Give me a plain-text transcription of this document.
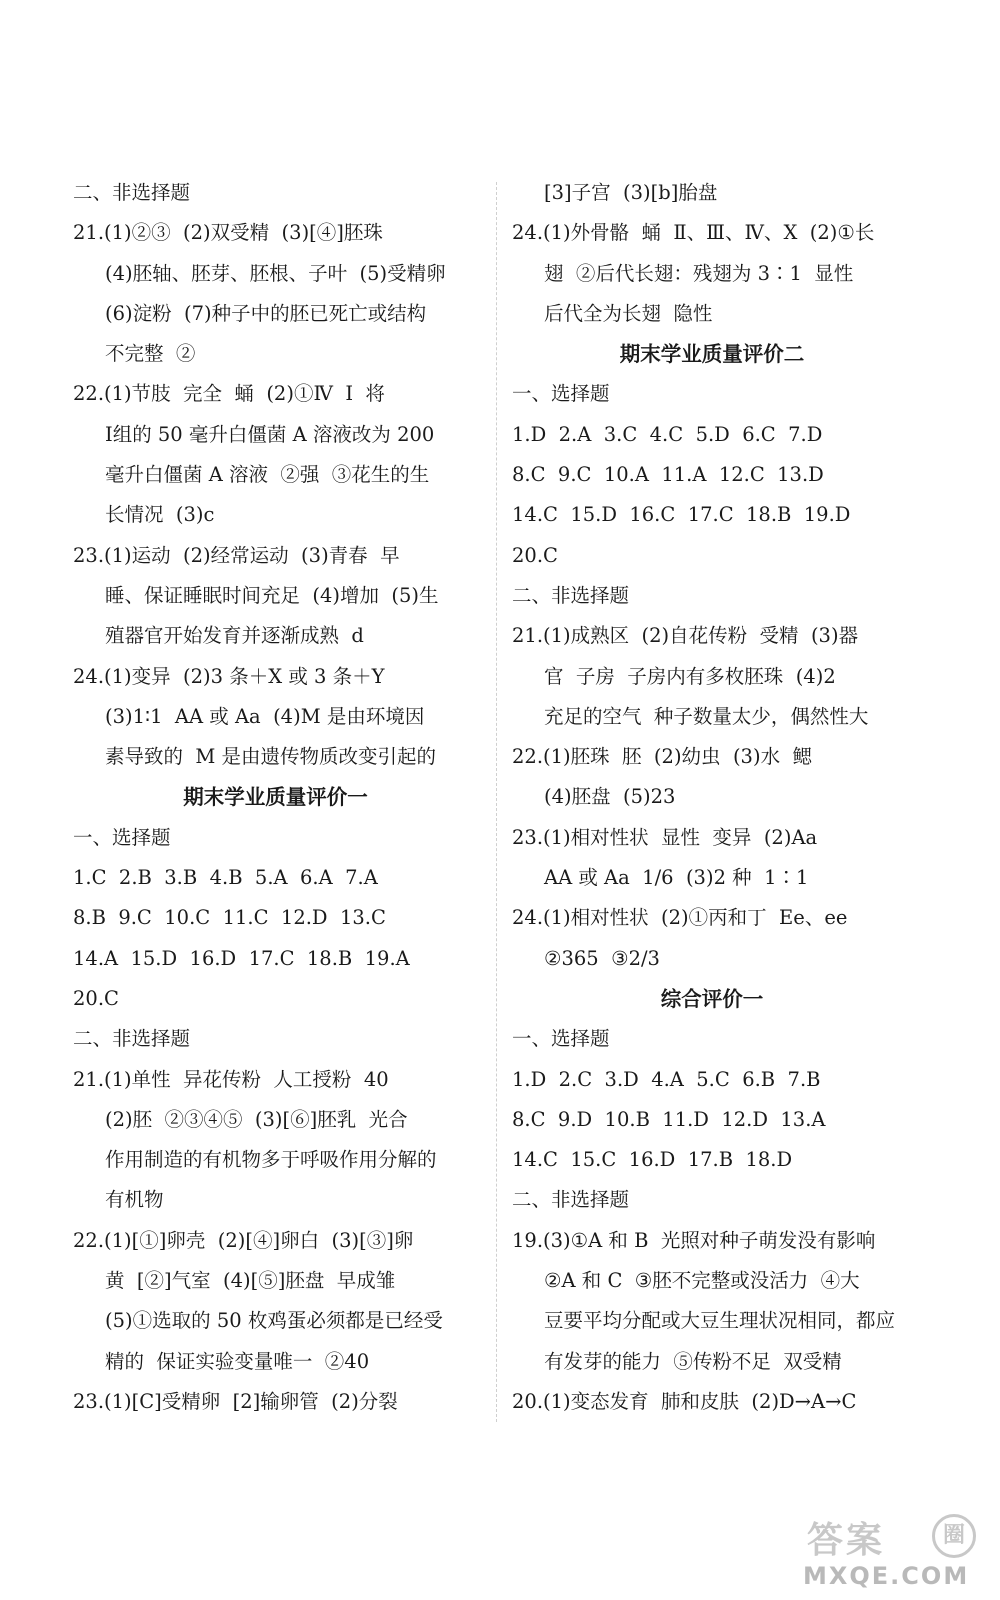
二、非选择题
21.(1)②③  (2)双受精  (3)[④]胚珠
(4)胚轴、胚芽、胚根、子叶  (5)受精卵
(6)淀粉  (7)种子中的胚已死亡或结构
不完整  ②
22.(1)节肢  完全  蛹  (2)①Ⅳ  Ⅰ  将
Ⅰ组的 50 毫升白僵菌 A 溶液改为 200
毫升白僵菌 A 溶液  ②强  ③花生的生
长情况  (3)c
23.(1)运动  (2)经常运动  (3)青春  早
睡、保证睡眠时间充足  (4)增加  (5)生
殖器官开始发育并逐渐成熟  d
24.(1)变异  (2)3 条＋X 或 3 条＋Y
(3)1∶1  AA 或 Aa  (4)M 是由环境因
素导致的  M 是由遗传物质改变引起的
期末学业质量评价一
一、选择题
1.C  2.B  3.B  4.B  5.A  6.A  7.A
8.B  9.C  10.C  11.C  12.D  13.C
14.A  15.D  16.D  17.C  18.B  19.A
20.C
二、非选择题
21.(1)单性  异花传粉  人工授粉  40
(2)胚  ②③④⑤  (3)[⑥]胚乳  光合
作用制造的有机物多于呼吸作用分解的
有机物
22.(1)[①]卵壳  (2)[④]卵白  (3)[③]卵
黄  [②]气室  (4)[⑤]胚盘  早成雏
(5)①选取的 50 枚鸡蛋必须都是已经受
精的  保证实验变量唯一  ②40
23.(1)[C]受精卵  [2]输卵管  (2)分裂
[3]子宫  (3)[b]胎盘
24.(1)外骨骼  蛹  Ⅱ、Ⅲ、Ⅳ、X  (2)①长
翅  ②后代长翅：残翅为 3∶1  显性
后代全为长翅  隐性
期末学业质量评价二
一、选择题
1.D  2.A  3.C  4.C  5.D  6.C  7.D
8.C  9.C  10.A  11.A  12.C  13.D
14.C  15.D  16.C  17.C  18.B  19.D
20.C
二、非选择题
21.(1)成熟区  (2)自花传粉  受精  (3)器
官  子房  子房内有多枚胚珠  (4)2
充足的空气  种子数量太少，偶然性大
22.(1)胚珠  胚  (2)幼虫  (3)水  鳃
(4)胚盘  (5)23
23.(1)相对性状  显性  变异  (2)Aa
AA 或 Aa  1/6  (3)2 种  1∶1
24.(1)相对性状  (2)①丙和丁  Ee、ee
②365  ③2/3
综合评价一
一、选择题
1.D  2.C  3.D  4.A  5.C  6.B  7.B
8.C  9.D  10.B  11.D  12.D  13.A
14.C  15.C  16.D  17.B  18.D
二、非选择题
19.(3)①A 和 B  光照对种子萌发没有影响
②A 和 C  ③胚不完整或没活力  ④大
豆要平均分配或大豆生理状况相同，都应
有发芽的能力  ⑤传粉不足  双受精
20.(1)变态发育  肺和皮肤  (2)D→A→C
答案	圈
MXQE.COM
